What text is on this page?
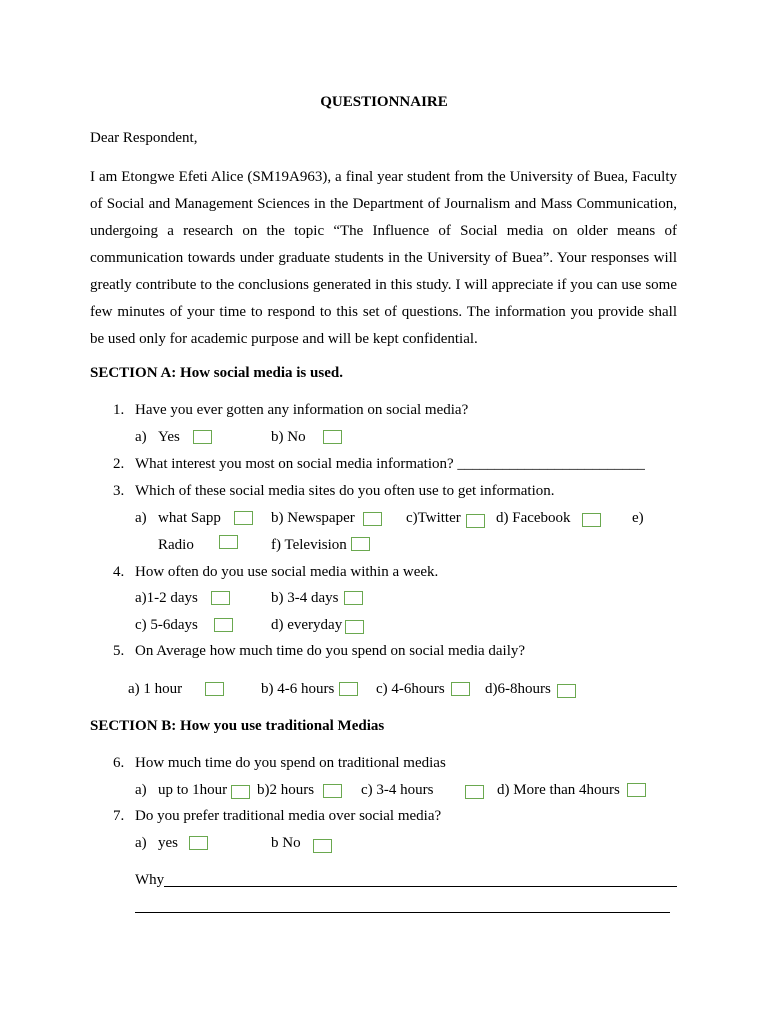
QUESTIONNAIRE
Dear Respondent,
I am Etongwe Efeti Alice (SM19A963), a final year student from the University of Buea, Faculty of Social and Management Sciences in the Department of Journalism and Mass Communication, undergoing a research on the topic “The Influence of Social media on older means of communication towards under graduate students in the University of Buea”. Your responses will greatly contribute to the conclusions generated in this study. I will appreciate if you can use some few minutes of your time to respond to this set of questions. The information you provide shall be used only for academic purpose and will be kept confidential.
SECTION A: How social media is used.
1. Have you ever gotten any information on social media?
a) Yes	b) No
2. What interest you most on social media information? _________________________
3. Which of these social media sites do you often use to get information.
a) what Sapp	b) Newspaper	c)Twitter d) Facebook	e)
Radio	f) Television
4. How often do you use social media within a week.
a)1-2 days	b) 3-4 days
c) 5-6days	d) everyday
5. On Average how much time do you spend on social media daily?
a) 1 hour	b) 4-6 hours	c) 4-6hours	d)6-8hours
SECTION B: How you use traditional Medias
6. How much time do you spend on traditional medias
a) up to 1hour b)2 hours	c) 3-4 hours	d) More than 4hours
7. Do you prefer traditional media over social media?
a) yes	b No
Why
